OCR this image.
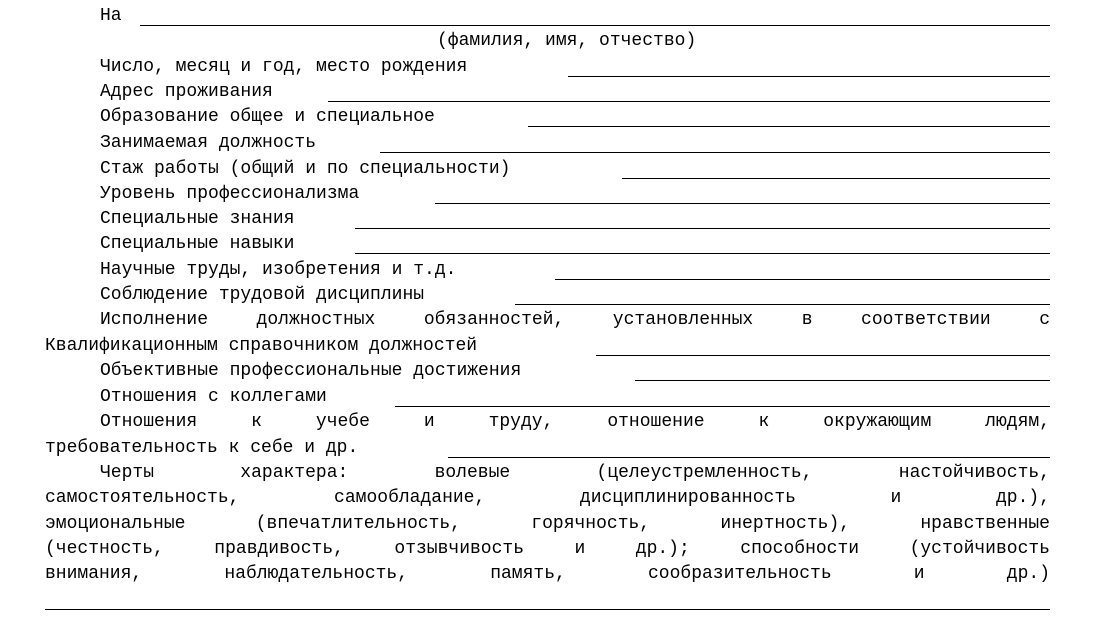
На
(фамилия, имя, отчество)
Число, месяц и год, место рождения
Адрес проживания
Образование общее и специальное
Занимаемая должность
Стаж работы (общий и по специальности)
Уровень профессионализма
Специальные знания
Специальные навыки
Научные труды, изобретения и т.д.
Соблюдение трудовой дисциплины
Исполнение должностных обязанностей, установленных в соответствии с
Квалификационным справочником должностей
Объективные профессиональные достижения
Отношения с коллегами
Отношения к учебе и труду, отношение к окружающим людям,
требовательность к себе и др.
Черты характера: волевые (целеустремленность, настойчивость,
самостоятельность, самообладание, дисциплинированность и др.),
эмоциональные (впечатлительность, горячность, инертность), нравственные
(честность, правдивость, отзывчивость и др.); способности (устойчивость
внимания, наблюдательность, память, сообразительность и др.)
